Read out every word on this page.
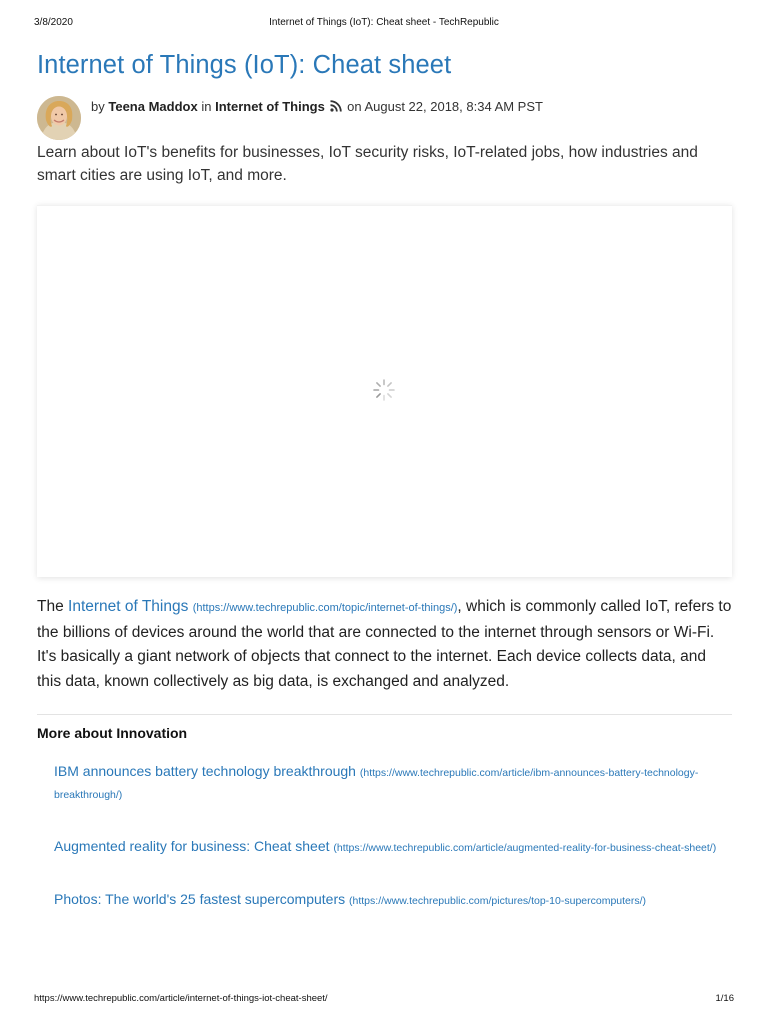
3/8/2020	Internet of Things (IoT): Cheat sheet - TechRepublic
Internet of Things (IoT): Cheat sheet
by Teena Maddox in Internet of Things on August 22, 2018, 8:34 AM PST

Learn about IoT's benefits for businesses, IoT security risks, IoT-related jobs, how industries and smart cities are using IoT, and more.

The Internet of Things (https://www.techrepublic.com/topic/internet-of-things/), which is commonly called IoT, refers to the billions of devices around the world that are connected to the internet through sensors or Wi-Fi. It's basically a giant network of objects that connect to the internet. Each device collects data, and this data, known collectively as big data, is exchanged and analyzed.

More about Innovation
IBM announces battery technology breakthrough (https://www.techrepublic.com/article/ibm-announces-battery-technology-breakthrough/)
Augmented reality for business: Cheat sheet (https://www.techrepublic.com/article/augmented-reality-for-business-cheat-sheet/)
Photos: The world's 25 fastest supercomputers (https://www.techrepublic.com/pictures/top-10-supercomputers/)
https://www.techrepublic.com/article/internet-of-things-iot-cheat-sheet/	1/16
